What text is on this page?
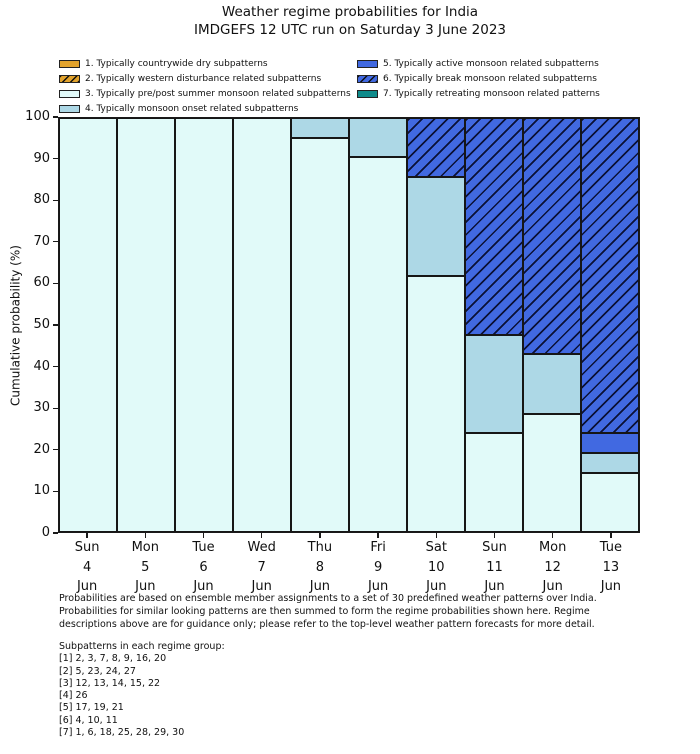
Weather regime probabilities for India
IMDGEFS 12 UTC run on Saturday 3 June 2023
1. Typically countrywide dry subpatterns
2. Typically western disturbance related subpatterns
3. Typically pre/post summer monsoon related subpatterns
4. Typically monsoon onset related subpatterns
5. Typically active monsoon related subpatterns
6. Typically break monsoon related subpatterns
7. Typically retreating monsoon related patterns
Cumulative probability (%)
0
10
20
30
40
50
60
70
80
90
100
Sun
4
Jun
Mon
5
Jun
Tue
6
Jun
Wed
7
Jun
Thu
8
Jun
Fri
9
Jun
Sat
10
Jun
Sun
11
Jun
Mon
12
Jun
Tue
13
Jun
Probabilities are based on ensemble member assignments to a set of 30 predefined weather patterns over India.
Probabilities for similar looking patterns are then summed to form the regime probabilities shown here. Regime
descriptions above are for guidance only; please refer to the top-level weather pattern forecasts for more detail.
Subpatterns in each regime group:
[1] 2, 3, 7, 8, 9, 16, 20
[2] 5, 23, 24, 27
[3] 12, 13, 14, 15, 22
[4] 26
[5] 17, 19, 21
[6] 4, 10, 11
[7] 1, 6, 18, 25, 28, 29, 30
